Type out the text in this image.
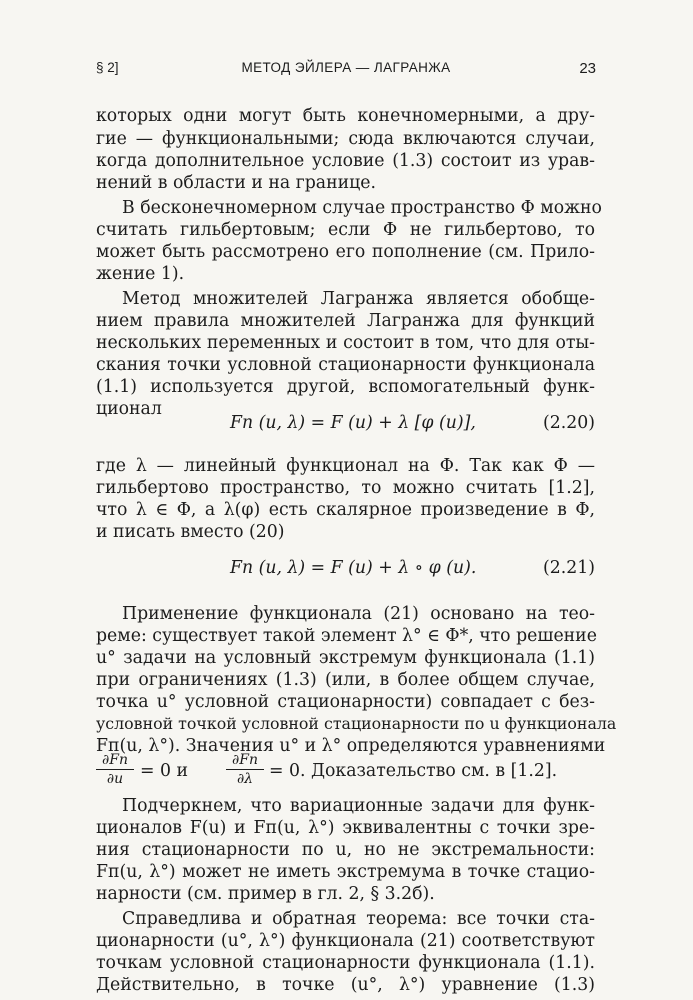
§ 2]	МЕТОД ЭЙЛЕРА — ЛАГРАНЖА	23
которых одни могут быть конечномерными, а дру-
гие — функциональными; сюда включаются случаи,
когда дополнительное условие (1.3) состоит из урав-
нений в области и на границе.
В бесконечномерном случае пространство Φ можно
считать гильбертовым; если Φ не гильбертово, то
может быть рассмотрено его пополнение (см. Прило-
жение 1).
Метод множителей Лагранжа является обобще-
нием правила множителей Лагранжа для функций
нескольких переменных и состоит в том, что для оты-
скания точки условной стационарности функционала
(1.1) используется другой, вспомогательный функ-
ционал
Fп (u, λ) = F (u) + λ [φ (u)],	(2.20)
где λ — линейный функционал на Φ. Так как Φ —
гильбертово пространство, то можно считать [1.2],
что λ ∈ Φ, а λ(φ) есть скалярное произведение в Φ,
и писать вместо (20)
Fп (u, λ) = F (u) + λ ∘ φ (u).	(2.21)
Применение функционала (21) основано на тео-
реме: существует такой элемент λ° ∈ Φ*, что решение
u° задачи на условный экстремум функционала (1.1)
при ограничениях (1.3) (или, в более общем случае,
точка u° условной стационарности) совпадает с без-
условной точкой условной стационарности по u функционала
Fп(u, λ°). Значения u° и λ° определяются уравнениями
∂Fп
∂u = 0 и
∂Fп
∂λ = 0. Доказательство см. в [1.2].
Подчеркнем, что вариационные задачи для функ-
ционалов F(u) и Fп(u, λ°) эквивалентны с точки зре-
ния стационарности по u, но не экстремальности:
Fп(u, λ°) может не иметь экстремума в точке стацио-
нарности (см. пример в гл. 2, § 3.2б).
Справедлива и обратная теорема: все точки ста-
ционарности (u°, λ°) функционала (21) соответствуют
точкам условной стационарности функционала (1.1).
Действительно, в точке (u°, λ°) уравнение (1.3)
